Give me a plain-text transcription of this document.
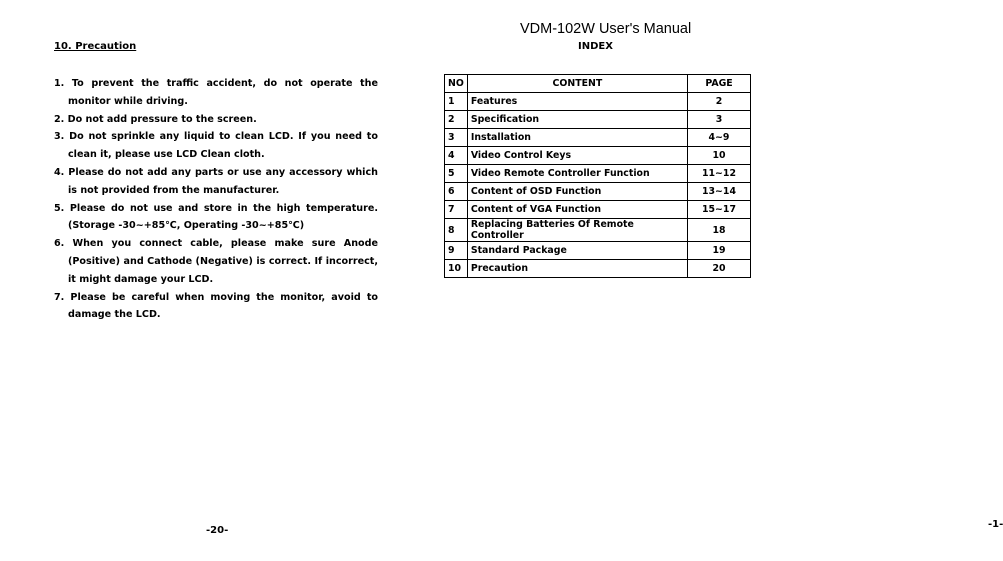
10. Precaution
1. To prevent the traffic accident, do not operate the monitor while driving.
2. Do not add pressure to the screen.
3. Do not sprinkle any liquid to clean LCD. If you need to clean it, please use LCD Clean cloth.
4. Please do not add any parts or use any accessory which is not provided from the manufacturer.
5. Please do not use and store in the high temperature. (Storage -30~+85℃, Operating -30~+85℃)
6. When you connect cable, please make sure Anode (Positive) and Cathode (Negative) is correct. If incorrect, it might damage your LCD.
7. Please be careful when moving the monitor, avoid to damage the LCD.
-20-
VDM-102W User's Manual
INDEX
NO	CONTENT	PAGE
1	Features	2
2	Specification	3
3	Installation	4~9
4	Video Control Keys	10
5	Video Remote Controller Function	11~12
6	Content of OSD Function	13~14
7	Content of VGA Function	15~17
8	Replacing Batteries Of Remote Controller	18
9	Standard Package	19
10	Precaution	20
-1-
